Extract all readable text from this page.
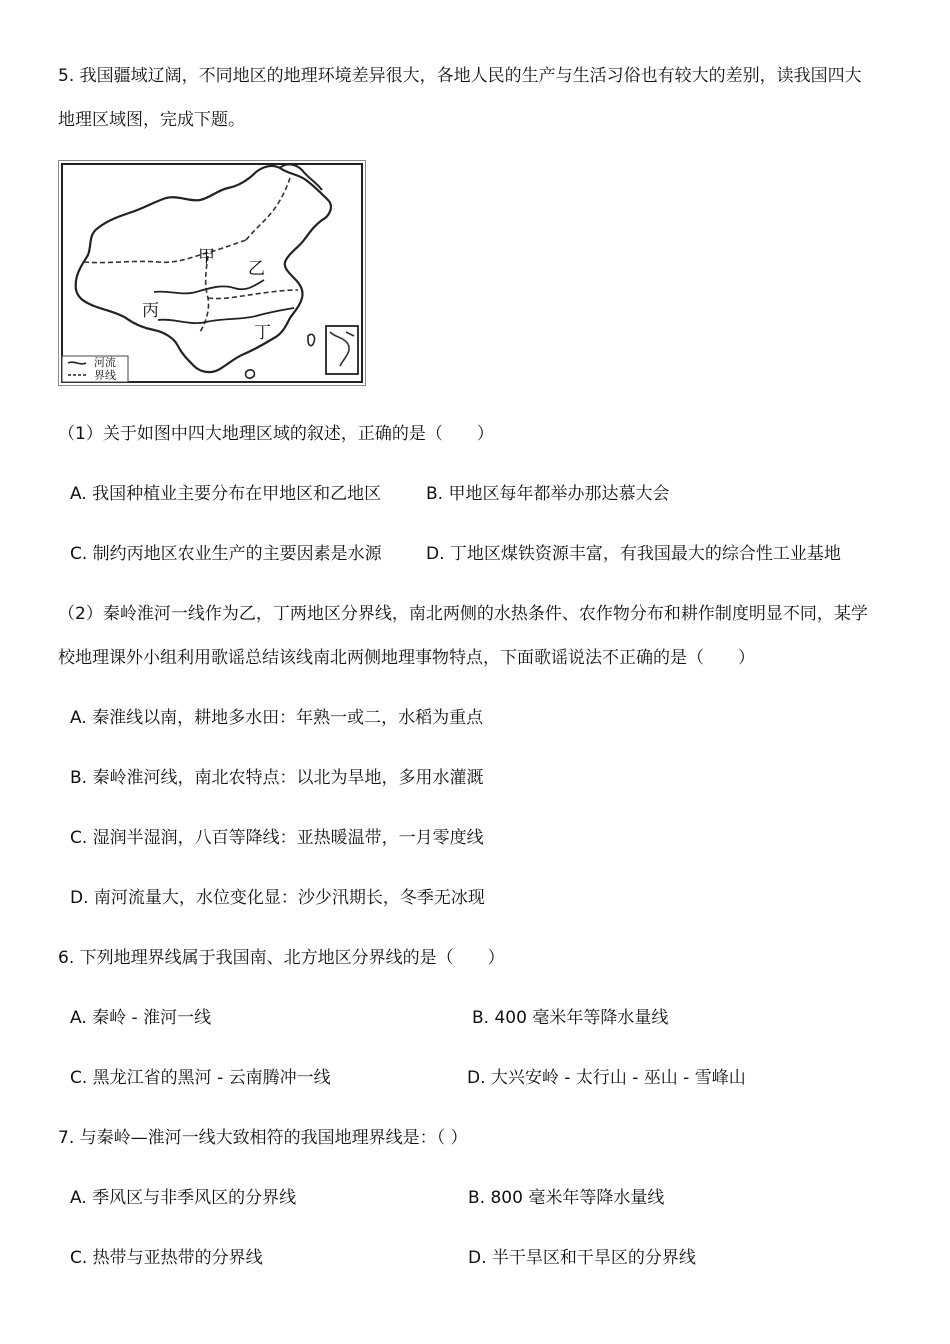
5. 我国疆域辽阔，不同地区的地理环境差异很大，各地人民的生产与生活习俗也有较大的差别，读我国四大
地理区域图，完成下题。
甲
乙
丙
丁
河流
界线
（1）关于如图中四大地理区域的叙述，正确的是（　　）
A. 我国种植业主要分布在甲地区和乙地区	B. 甲地区每年都举办那达慕大会
C. 制约丙地区农业生产的主要因素是水源	D. 丁地区煤铁资源丰富，有我国最大的综合性工业基地
（2）秦岭淮河一线作为乙，丁两地区分界线，南北两侧的水热条件、农作物分布和耕作制度明显不同，某学
校地理课外小组利用歌谣总结该线南北两侧地理事物特点，下面歌谣说法不正确的是（　　）
A. 秦淮线以南，耕地多水田：年熟一或二，水稻为重点
B. 秦岭淮河线，南北农特点：以北为旱地，多用水灌溉
C. 湿润半湿润，八百等降线：亚热暖温带，一月零度线
D. 南河流量大，水位变化显：沙少汛期长，冬季无冰现
6. 下列地理界线属于我国南、北方地区分界线的是（　　）
A. 秦岭 - 淮河一线	B. 400 毫米年等降水量线
C. 黑龙江省的黑河 - 云南腾冲一线	D. 大兴安岭 - 太行山 - 巫山 - 雪峰山
7. 与秦岭—淮河一线大致相符的我国地理界线是：（ ）
A. 季风区与非季风区的分界线	B. 800 毫米年等降水量线
C. 热带与亚热带的分界线	D. 半干旱区和干旱区的分界线
